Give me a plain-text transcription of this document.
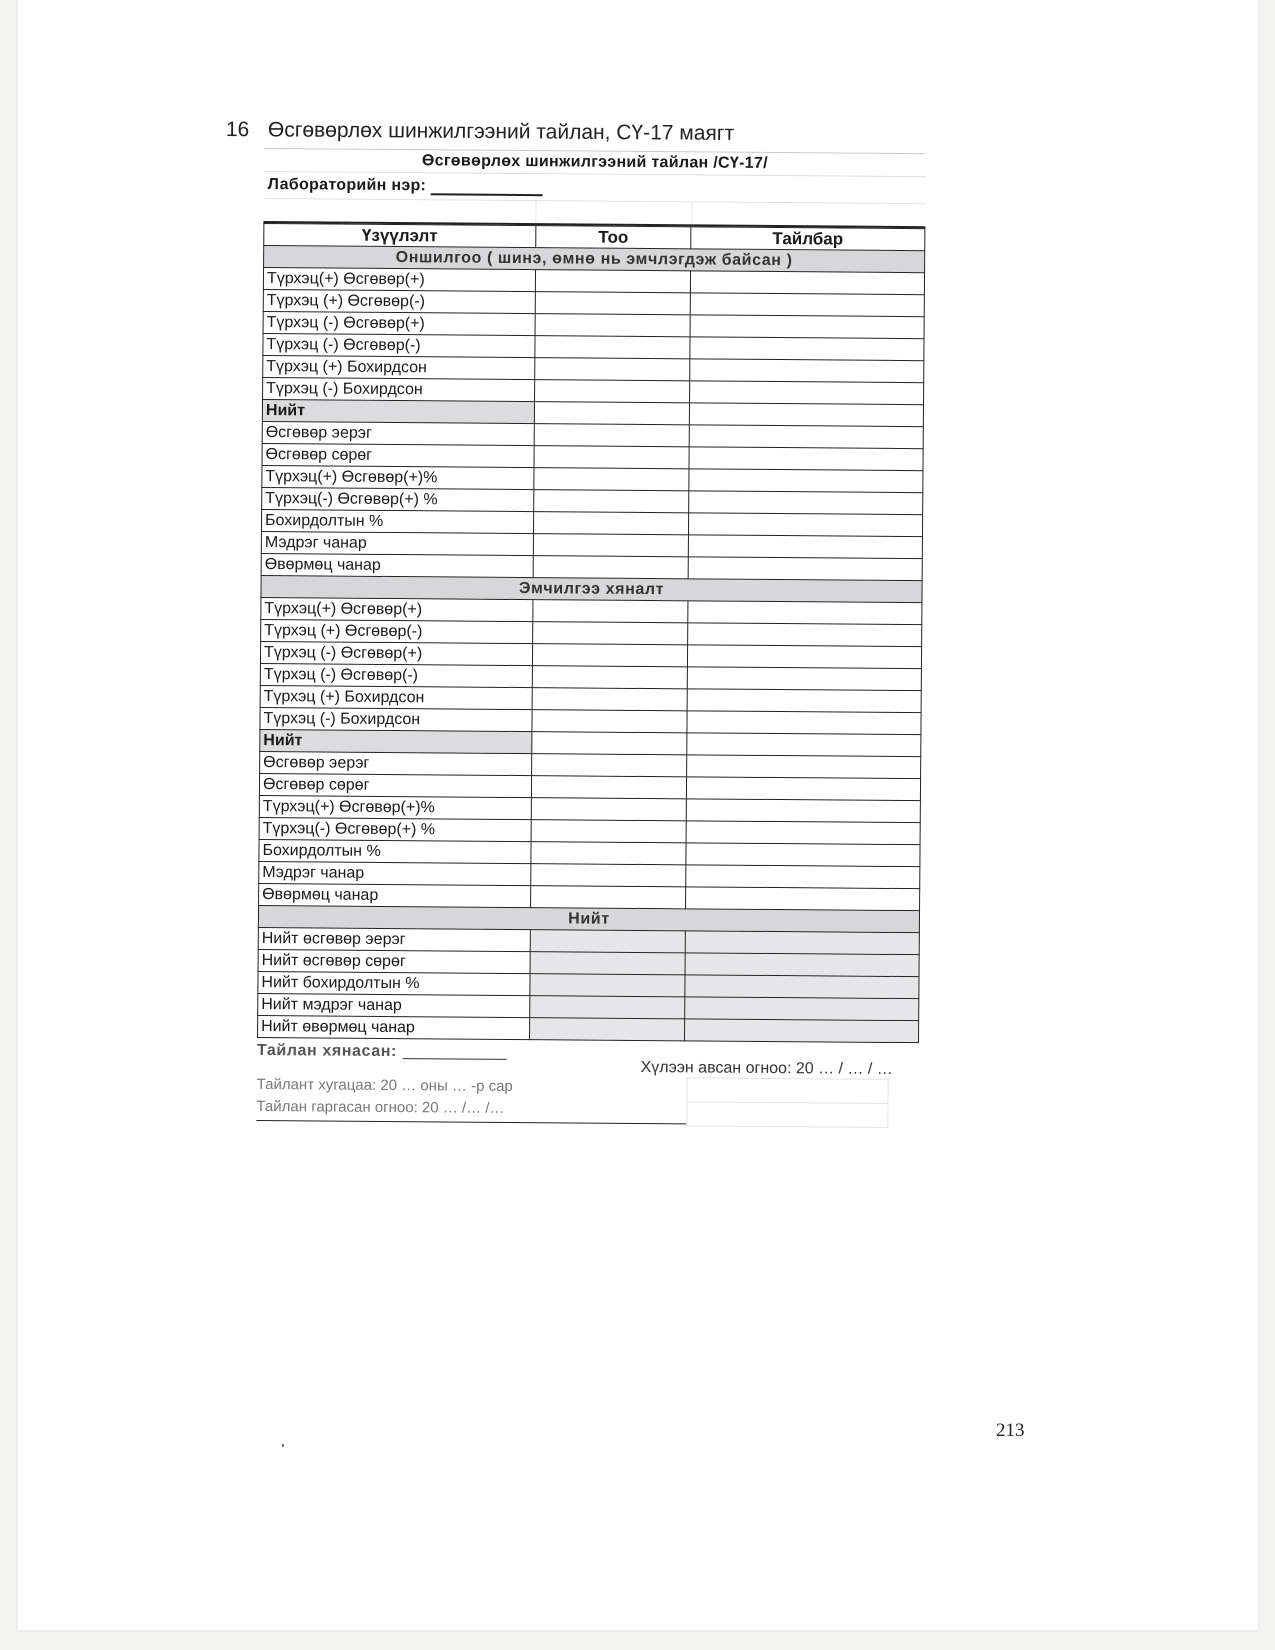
16 Өсгөвөрлөх шинжилгээний тайлан, СҮ-17 маягт
Өсгөвөрлөх шинжилгээний тайлан /СҮ-17/
Лабораторийн нэр:
Үзүүлэлт	Тоо	Тайлбар
Оншилгоо ( шинэ, өмнө нь эмчлэгдэж байсан )		
Түрхэц(+) Өсгөвөр(+)		
Түрхэц (+) Өсгөвөр(-)		
Түрхэц (-) Өсгөвөр(+)		
Түрхэц (-) Өсгөвөр(-)		
Түрхэц (+) Бохирдсон		
Түрхэц (-) Бохирдсон		
Нийт		
Өсгөвөр эерэг		
Өсгөвөр сөрөг		
Түрхэц(+) Өсгөвөр(+)%		
Түрхэц(-) Өсгөвөр(+) %		
Бохирдолтын %		
Мэдрэг чанар		
Өвөрмөц чанар		
Эмчилгээ хяналт		
Түрхэц(+) Өсгөвөр(+)		
Түрхэц (+) Өсгөвөр(-)		
Түрхэц (-) Өсгөвөр(+)		
Түрхэц (-) Өсгөвөр(-)		
Түрхэц (+) Бохирдсон		
Түрхэц (-) Бохирдсон		
Нийт		
Өсгөвөр эерэг		
Өсгөвөр сөрөг		
Түрхэц(+) Өсгөвөр(+)%		
Түрхэц(-) Өсгөвөр(+) %		
Бохирдолтын %		
Мэдрэг чанар		
Өвөрмөц чанар		
Нийт		
Нийт өсгөвөр эерэг		
Нийт өсгөвөр сөрөг		
Нийт бохирдолтын %		
Нийт мэдрэг чанар		
Нийт өвөрмөц чанар		
Тайлан хянасан:
Хүлээн авсан огноо: 20 … / … / …
Тайлант хугацаа: 20 … оны … -р сар
Тайлан гаргасан огноо: 20 … /… /…
213
